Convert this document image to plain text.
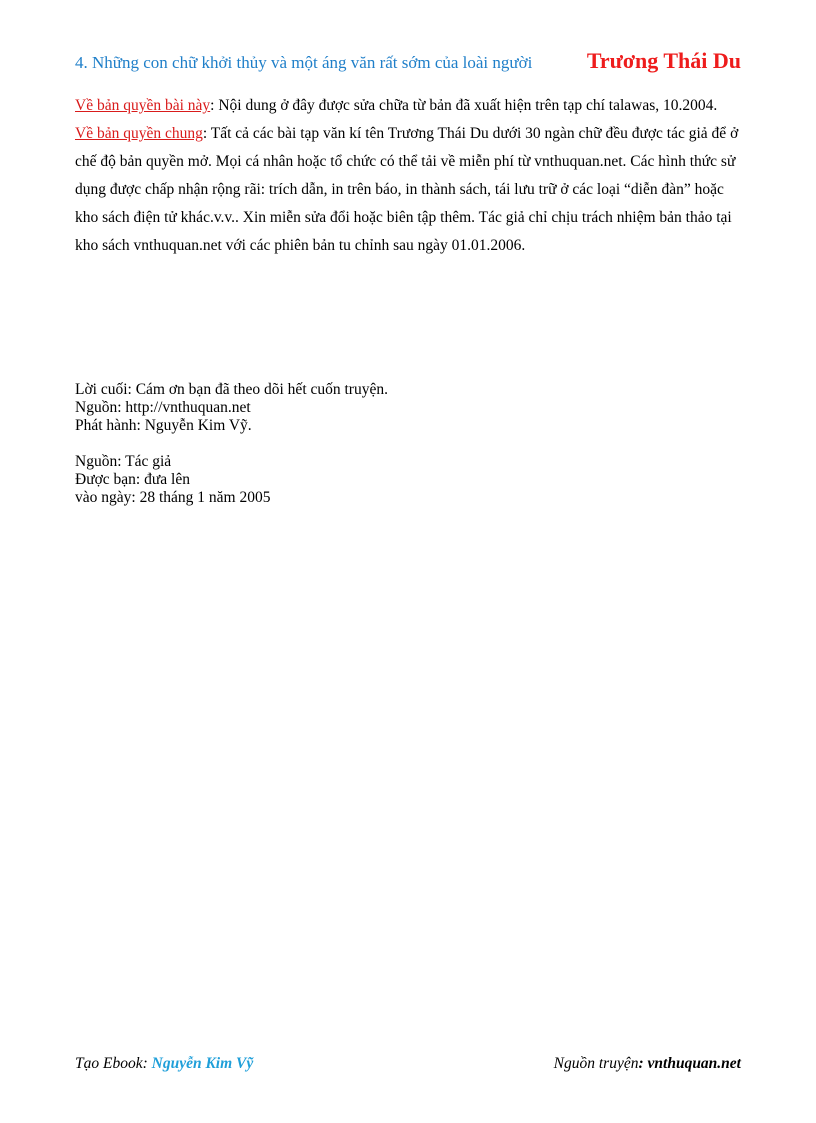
4. Những con chữ khởi thủy và một áng văn rất sớm của loài người Trương Thái Du

Về bản quyền bài này: Nội dung ở đây được sửa chữa từ bản đã xuất hiện trên tạp chí talawas, 10.2004.

Về bản quyền chung: Tất cả các bài tạp văn kí tên Trương Thái Du dưới 30 ngàn chữ đều được tác giả để ở chế độ bản quyền mở. Mọi cá nhân hoặc tổ chức có thể tải về miễn phí từ vnthuquan.net. Các hình thức sử dụng được chấp nhận rộng rãi: trích dẫn, in trên báo, in thành sách, tái lưu trữ ở các loại “diễn đàn” hoặc kho sách điện tử khác.v.v.. Xin miễn sửa đổi hoặc biên tập thêm. Tác giả chỉ chịu trách nhiệm bản thảo tại kho sách vnthuquan.net với các phiên bản tu chỉnh sau ngày 01.01.2006.

Lời cuối: Cám ơn bạn đã theo dõi hết cuốn truyện.
Nguồn: http://vnthuquan.net
Phát hành: Nguyễn Kim Vỹ.
Nguồn: Tác giả
Được bạn: đưa lên
vào ngày: 28 tháng 1 năm 2005
Tạo Ebook: Nguyễn Kim Vỹ	Nguồn truyện: vnthuquan.net
